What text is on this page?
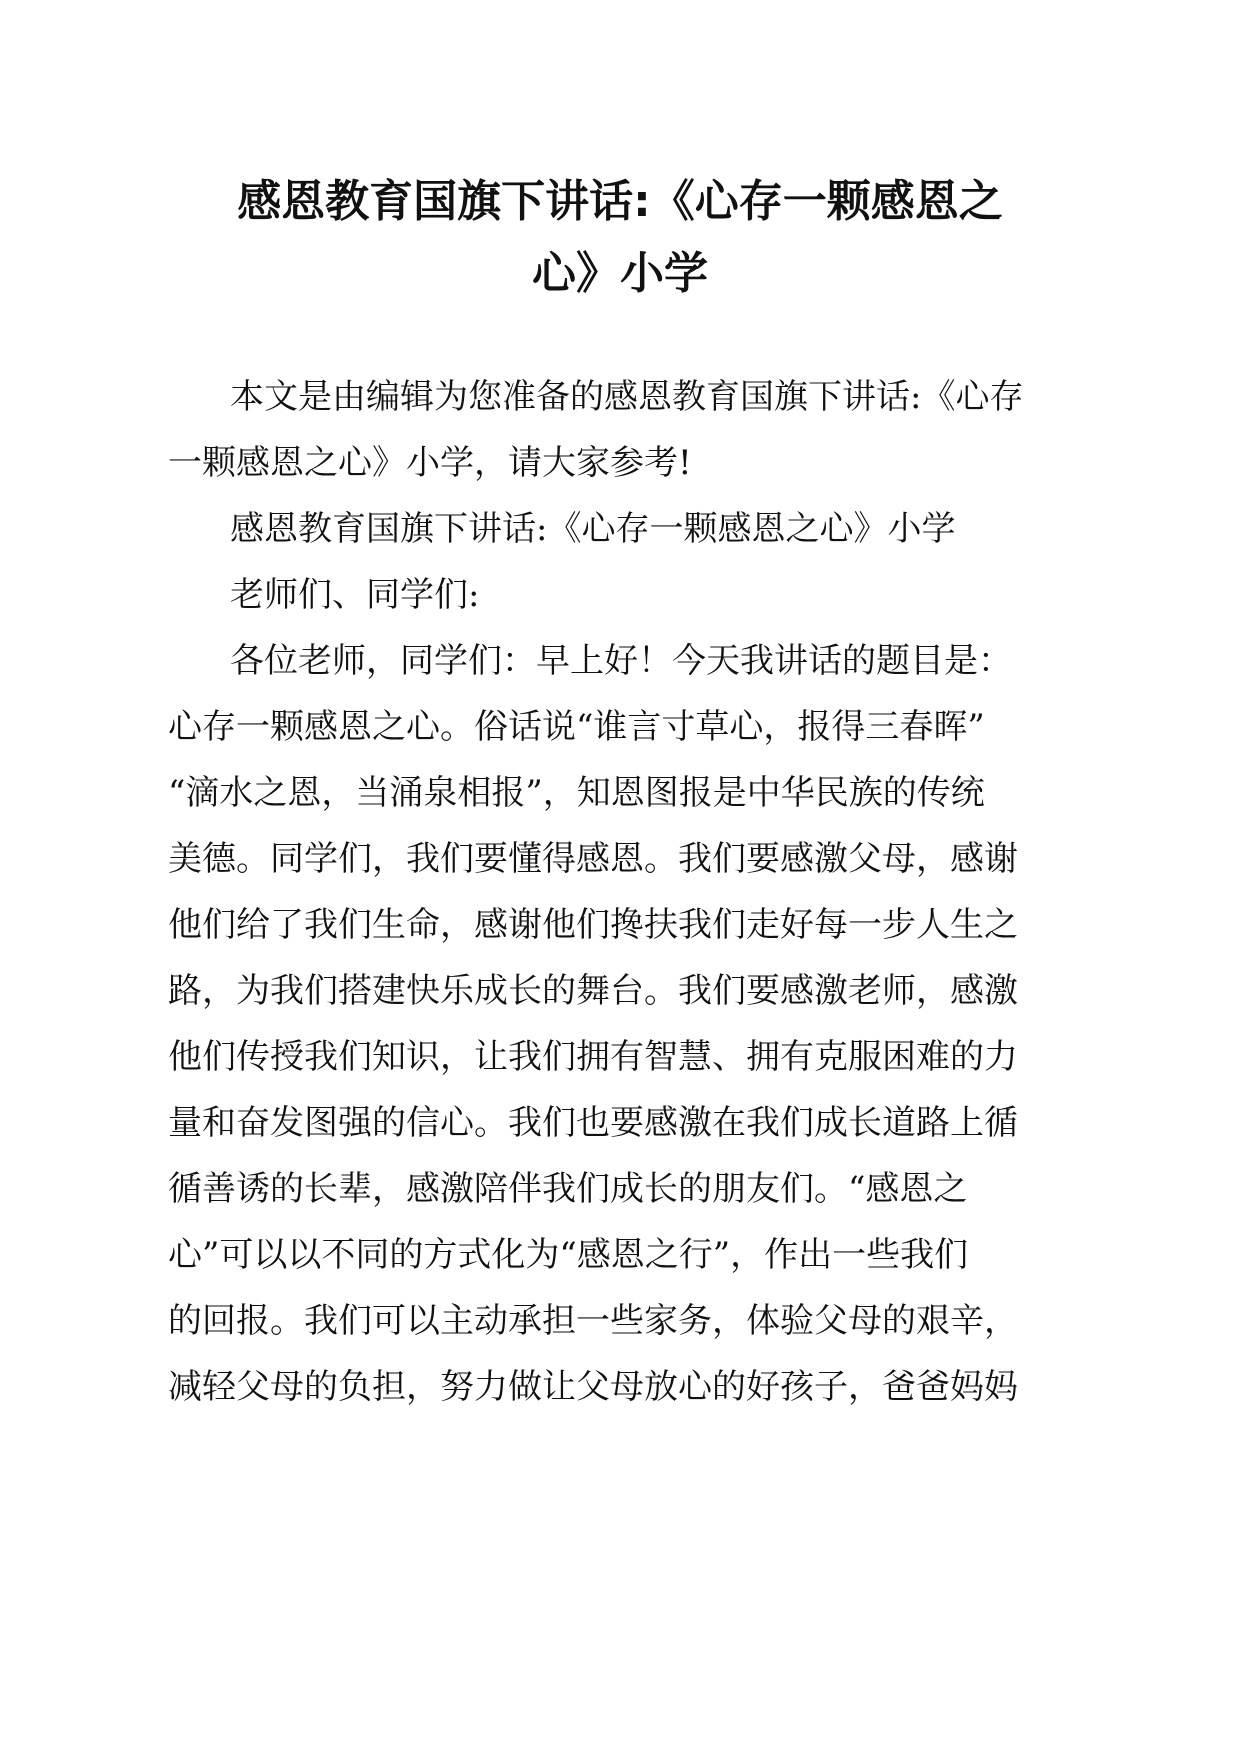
感恩教育国旗下讲话:《心存一颗感恩之
心》小学

本文是由编辑为您准备的感恩教育国旗下讲话:《心存

一颗感恩之心》小学，请大家参考!

感恩教育国旗下讲话:《心存一颗感恩之心》小学

老师们、同学们:

各位老师，同学们：早上好！今天我讲话的题目是：

心存一颗感恩之心。俗话说“谁言寸草心，报得三春晖”

“滴水之恩，当涌泉相报”，知恩图报是中华民族的传统

美德。同学们，我们要懂得感恩。我们要感激父母，感谢

他们给了我们生命，感谢他们搀扶我们走好每一步人生之

路，为我们搭建快乐成长的舞台。我们要感激老师，感激

他们传授我们知识，让我们拥有智慧、拥有克服困难的力

量和奋发图强的信心。我们也要感激在我们成长道路上循

循善诱的长辈，感激陪伴我们成长的朋友们。“感恩之

心”可以以不同的方式化为“感恩之行”，作出一些我们

的回报。我们可以主动承担一些家务，体验父母的艰辛，

减轻父母的负担，努力做让父母放心的好孩子，爸爸妈妈
